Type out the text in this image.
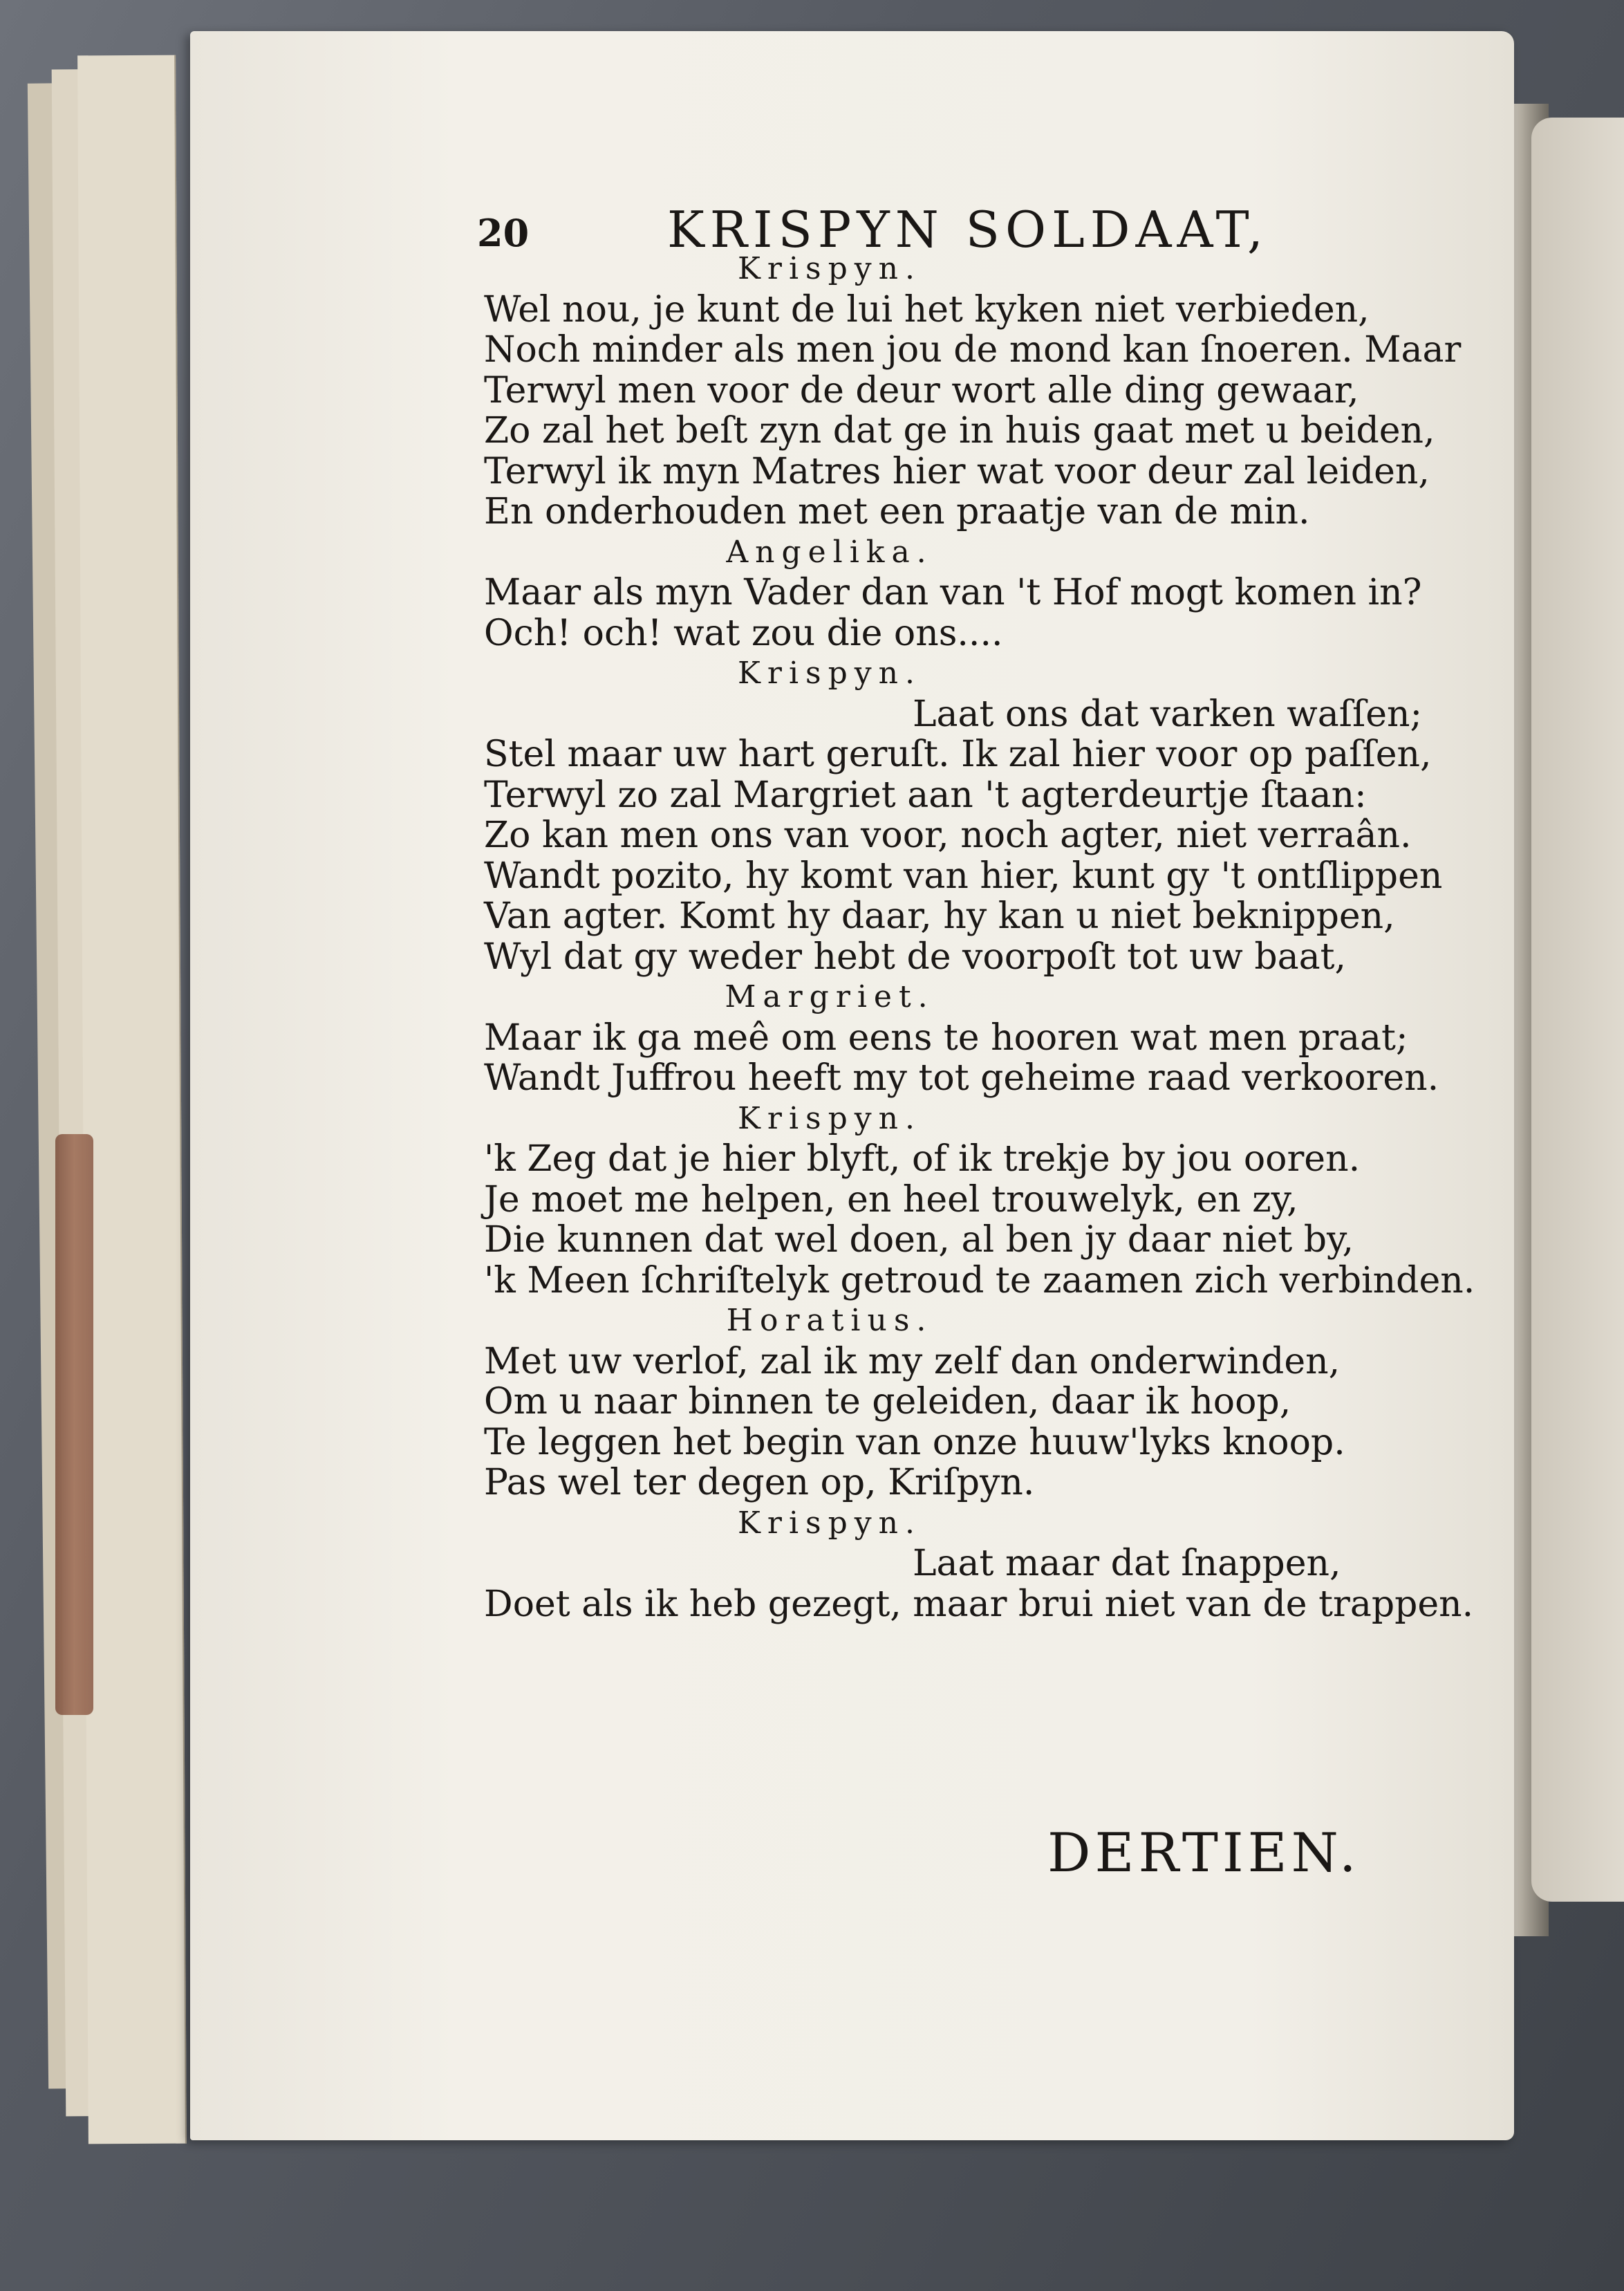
20	KRISPYN SOLDAAT,
Krispyn.
Wel nou, je kunt de lui het kyken niet verbieden,
Noch minder als men jou de mond kan ſnoeren. Maar
Terwyl men voor de deur wort alle ding gewaar,
Zo zal het beſt zyn dat ge in huis gaat met u beiden,
Terwyl ik myn Matres hier wat voor deur zal leiden,
En onderhouden met een praatje van de min.
Angelika.
Maar als myn Vader dan van 't Hof mogt komen in?
Och! och! wat zou die ons....
Krispyn.
Laat ons dat varken waſſen;
Stel maar uw hart geruſt. Ik zal hier voor op paſſen,
Terwyl zo zal Margriet aan 't agterdeurtje ſtaan:
Zo kan men ons van voor, noch agter, niet verraân.
Wandt pozito, hy komt van hier, kunt gy 't ontſlippen
Van agter. Komt hy daar, hy kan u niet beknippen,
Wyl dat gy weder hebt de voorpoſt tot uw baat,
Margriet.
Maar ik ga meê om eens te hooren wat men praat;
Wandt Juffrou heeft my tot geheime raad verkooren.
Krispyn.
'k Zeg dat je hier blyft, of ik trekje by jou ooren.
Je moet me helpen, en heel trouwelyk, en zy,
Die kunnen dat wel doen, al ben jy daar niet by,
'k Meen ſchriſtelyk getroud te zaamen zich verbinden.
Horatius.
Met uw verlof, zal ik my zelf dan onderwinden,
Om u naar binnen te geleiden, daar ik hoop,
Te leggen het begin van onze huuw'lyks knoop.
Pas wel ter degen op, Kriſpyn.
Krispyn.
Laat maar dat ſnappen,
Doet als ik heb gezegt, maar brui niet van de trappen.
DERTIEN.
